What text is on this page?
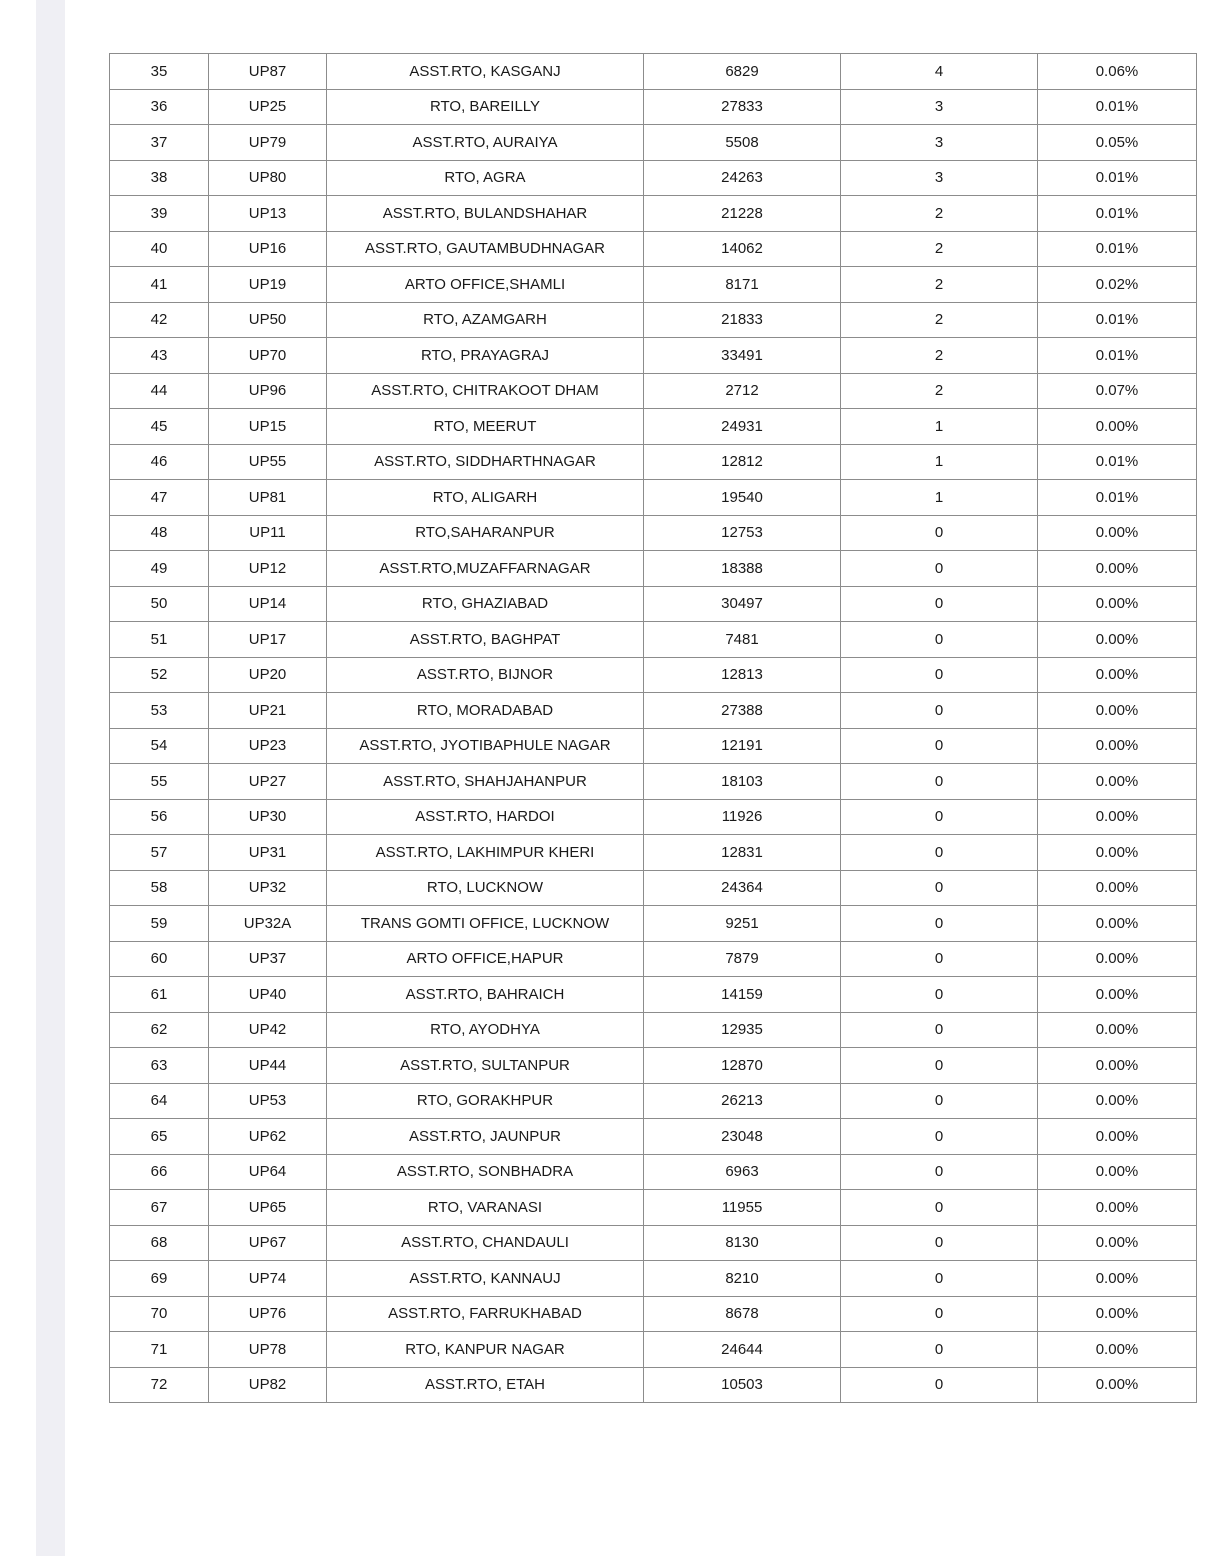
35	UP87	ASST.RTO, KASGANJ	6829	4	0.06%
36	UP25	RTO, BAREILLY	27833	3	0.01%
37	UP79	ASST.RTO, AURAIYA	5508	3	0.05%
38	UP80	RTO, AGRA	24263	3	0.01%
39	UP13	ASST.RTO, BULANDSHAHAR	21228	2	0.01%
40	UP16	ASST.RTO, GAUTAMBUDHNAGAR	14062	2	0.01%
41	UP19	ARTO OFFICE,SHAMLI	8171	2	0.02%
42	UP50	RTO, AZAMGARH	21833	2	0.01%
43	UP70	RTO, PRAYAGRAJ	33491	2	0.01%
44	UP96	ASST.RTO, CHITRAKOOT DHAM	2712	2	0.07%
45	UP15	RTO, MEERUT	24931	1	0.00%
46	UP55	ASST.RTO, SIDDHARTHNAGAR	12812	1	0.01%
47	UP81	RTO, ALIGARH	19540	1	0.01%
48	UP11	RTO,SAHARANPUR	12753	0	0.00%
49	UP12	ASST.RTO,MUZAFFARNAGAR	18388	0	0.00%
50	UP14	RTO, GHAZIABAD	30497	0	0.00%
51	UP17	ASST.RTO, BAGHPAT	7481	0	0.00%
52	UP20	ASST.RTO, BIJNOR	12813	0	0.00%
53	UP21	RTO, MORADABAD	27388	0	0.00%
54	UP23	ASST.RTO, JYOTIBAPHULE NAGAR	12191	0	0.00%
55	UP27	ASST.RTO, SHAHJAHANPUR	18103	0	0.00%
56	UP30	ASST.RTO, HARDOI	11926	0	0.00%
57	UP31	ASST.RTO, LAKHIMPUR KHERI	12831	0	0.00%
58	UP32	RTO, LUCKNOW	24364	0	0.00%
59	UP32A	TRANS GOMTI OFFICE, LUCKNOW	9251	0	0.00%
60	UP37	ARTO OFFICE,HAPUR	7879	0	0.00%
61	UP40	ASST.RTO, BAHRAICH	14159	0	0.00%
62	UP42	RTO, AYODHYA	12935	0	0.00%
63	UP44	ASST.RTO, SULTANPUR	12870	0	0.00%
64	UP53	RTO, GORAKHPUR	26213	0	0.00%
65	UP62	ASST.RTO, JAUNPUR	23048	0	0.00%
66	UP64	ASST.RTO, SONBHADRA	6963	0	0.00%
67	UP65	RTO, VARANASI	11955	0	0.00%
68	UP67	ASST.RTO, CHANDAULI	8130	0	0.00%
69	UP74	ASST.RTO, KANNAUJ	8210	0	0.00%
70	UP76	ASST.RTO, FARRUKHABAD	8678	0	0.00%
71	UP78	RTO, KANPUR NAGAR	24644	0	0.00%
72	UP82	ASST.RTO, ETAH	10503	0	0.00%
